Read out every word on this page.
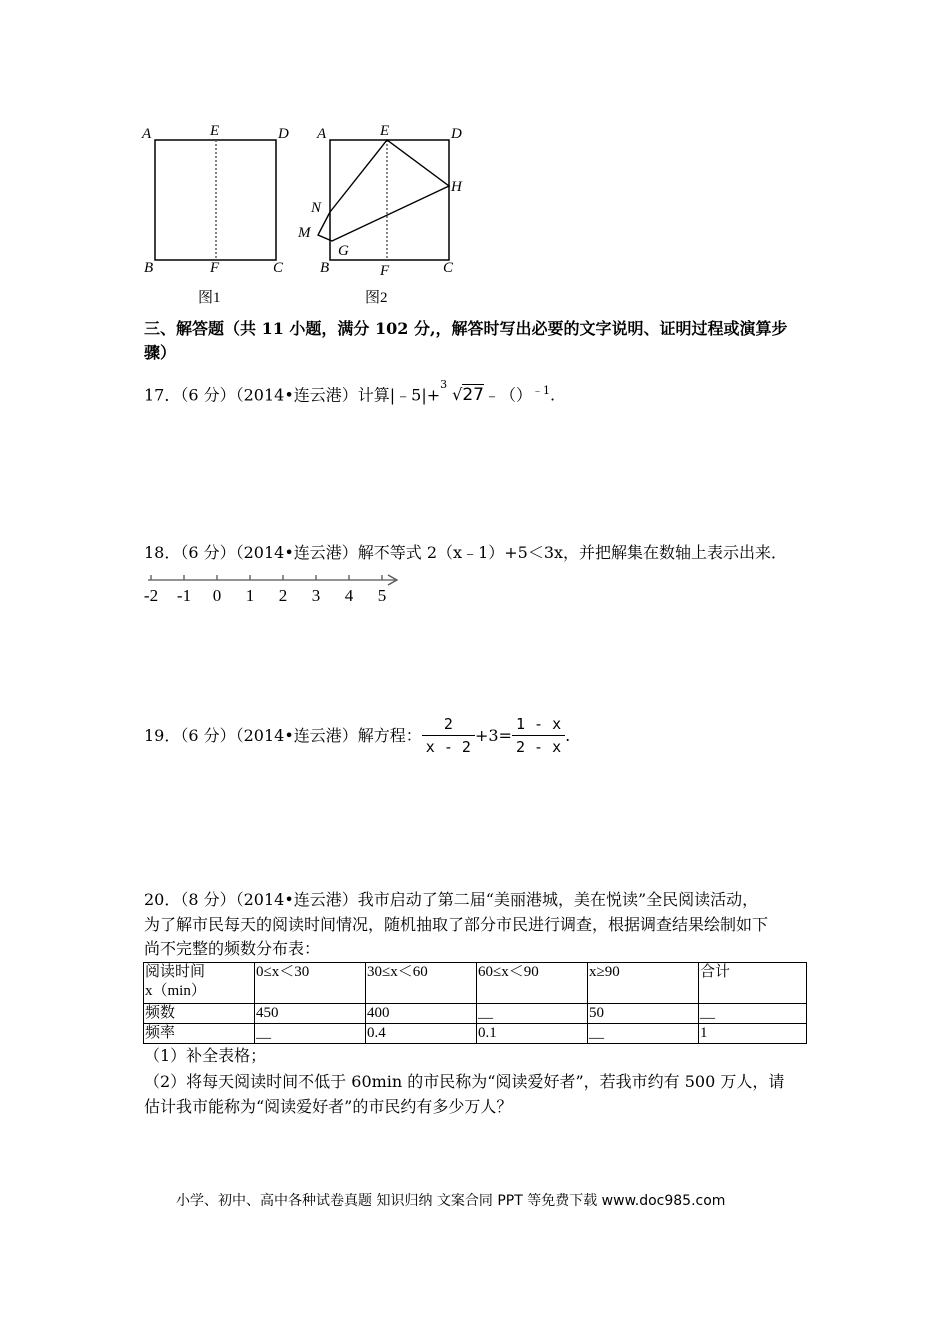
A	E	D
B	F	C
图1
A	E	D
H
N
M
G
B	F	C
图2
三、解答题（共 11 小题，满分 102 分,，解答时写出必要的文字说明、证明过程或演算步
骤）
17．（6 分）（2014•连云港）计算|﹣5|+
3
√27﹣（）$^{﹣1}$.
18．（6 分）（2014•连云港）解不等式 2（x﹣1）+5＜3x，并把解集在数轴上表示出来．
-2 -1 0 1 2 3 4 5
19．（6 分）（2014•连云港）解方程： $\frac{2}{x - 2} +3= \frac{1 - x}{2 - x}$ .
20．（8 分）（2014•连云港）我市启动了第二届“美丽港城，美在悦读”全民阅读活动，
为了解市民每天的阅读时间情况，随机抽取了部分市民进行调查，根据调查结果绘制如下
尚不完整的频数分布表：
阅读时间
x（min）	0≤x＜30	30≤x＜60	60≤x＜90	x≥90	合计
频数	450	400	__	50	__
频率	__	0.4	0.1	__	1
（1）补全表格；
（2）将每天阅读时间不低于 60min 的市民称为“阅读爱好者”，若我市约有 500 万人，请
估计我市能称为“阅读爱好者”的市民约有多少万人？
小学、初中、高中各种试卷真题 知识归纳 文案合同 PPT 等免费下载 www.doc985.com
